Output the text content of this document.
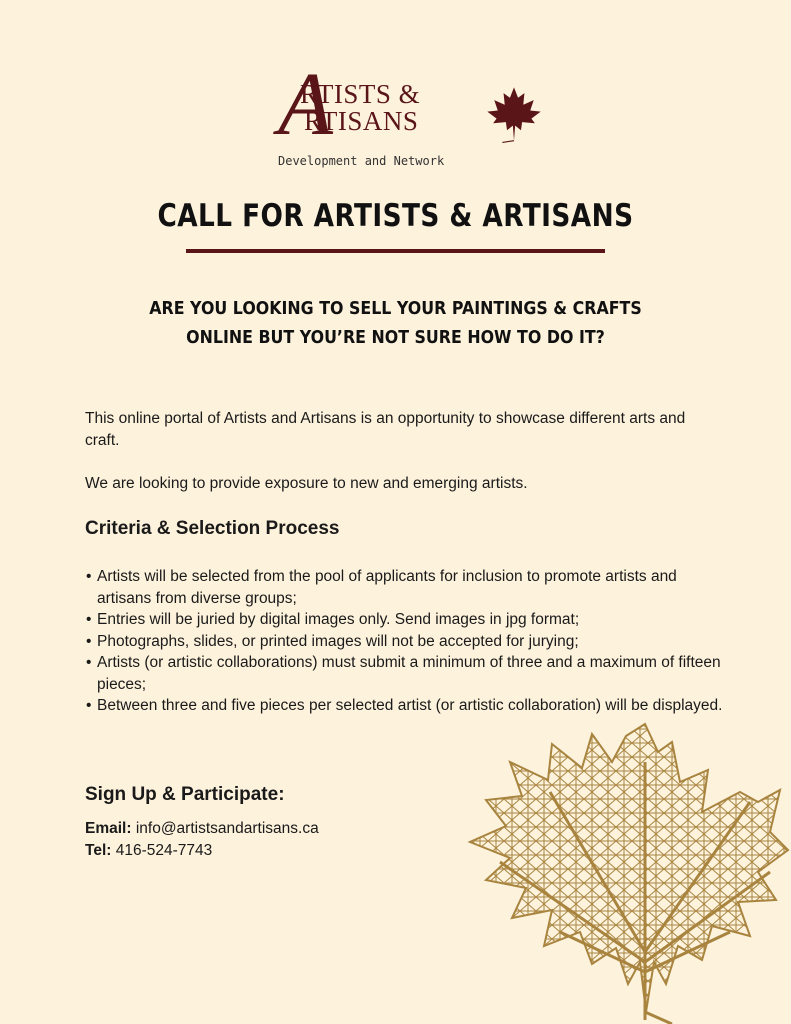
A
RTISTS &
RTISANS
Development and Network
CALL FOR ARTISTS & ARTISANS
ARE YOU LOOKING TO SELL YOUR PAINTINGS & CRAFTS
ONLINE BUT YOU’RE NOT SURE HOW TO DO IT?
This online portal of Artists and Artisans is an opportunity to showcase different arts and craft.
We are looking to provide exposure to new and emerging artists.
Criteria & Selection Process
• Artists will be selected from the pool of applicants for inclusion to promote artists and artisans from diverse groups;
• Entries will be juried by digital images only. Send images in jpg format;
• Photographs, slides, or printed images will not be accepted for jurying;
• Artists (or artistic collaborations) must submit a minimum of three and a maximum of fifteen pieces;
• Between three and five pieces per selected artist (or artistic collaboration) will be displayed.
Sign Up & Participate:
Email: info@artistsandartisans.ca
Tel: 416-524-7743
